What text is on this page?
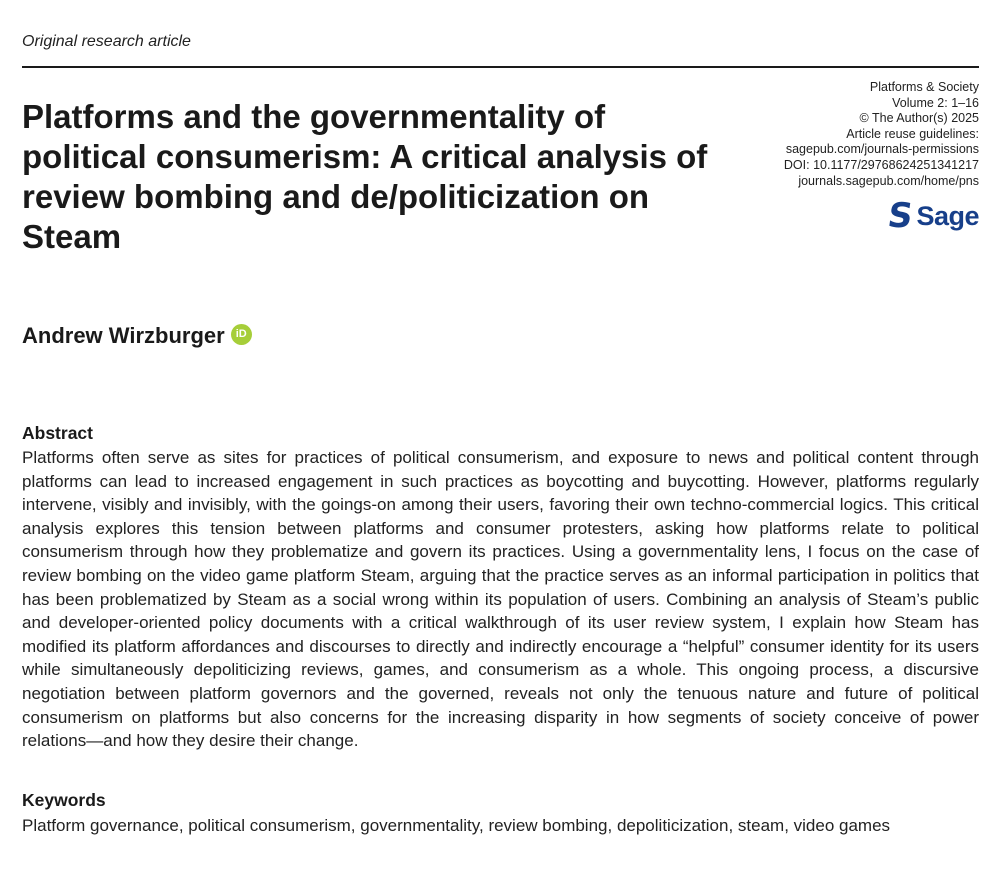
Original research article
Platforms & Society
Volume 2: 1–16
© The Author(s) 2025
Article reuse guidelines:
sagepub.com/journals-permissions
DOI: 10.1177/29768624251341217
journals.sagepub.com/home/pns
S Sage
Platforms and the governmentality of political consumerism: A critical analysis of review bombing and de/politicization on Steam
Andrew Wirzburger	iD
Abstract

Platforms often serve as sites for practices of political consumerism, and exposure to news and political content through platforms can lead to increased engagement in such practices as boycotting and buycotting. However, platforms regularly intervene, visibly and invisibly, with the goings-on among their users, favoring their own techno-commercial logics. This critical analysis explores this tension between platforms and consumer protesters, asking how platforms relate to political consumerism through how they problematize and govern its practices. Using a governmentality lens, I focus on the case of review bombing on the video game platform Steam, arguing that the practice serves as an informal participation in politics that has been problematized by Steam as a social wrong within its population of users. Combining an analysis of Steam’s public and developer-oriented policy documents with a critical walkthrough of its user review system, I explain how Steam has modified its platform affordances and discourses to directly and indirectly encourage a “helpful” consumer identity for its users while simultaneously depoliticizing reviews, games, and consumerism as a whole. This ongoing process, a discursive negotiation between platform governors and the governed, reveals not only the tenuous nature and future of political consumerism on platforms but also concerns for the increasing disparity in how segments of society conceive of power relations—and how they desire their change.

Keywords
Platform governance, political consumerism, governmentality, review bombing, depoliticization, steam, video games
